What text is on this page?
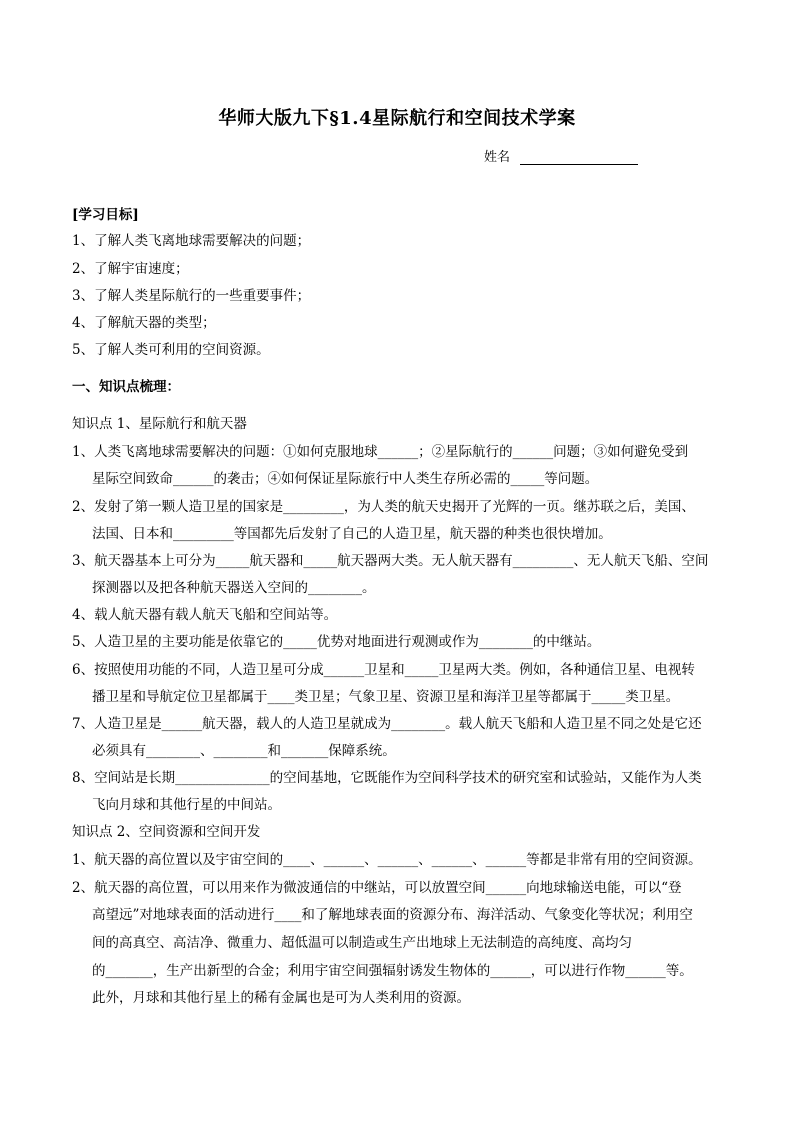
华师大版九下§1.4星际航行和空间技术学案
姓名
[学习目标]
1、了解人类飞离地球需要解决的问题；
2、了解宇宙速度；
3、了解人类星际航行的一些重要事件；
4、了解航天器的类型；
5、了解人类可利用的空间资源。
一、知识点梳理：
知识点 1、星际航行和航天器
1、人类飞离地球需要解决的问题：①如何克服地球______；②星际航行的______问题；③如何避免受到
星际空间致命______的袭击；④如何保证星际旅行中人类生存所必需的_____等问题。
2、发射了第一颗人造卫星的国家是_________，为人类的航天史揭开了光辉的一页。继苏联之后，美国、
法国、日本和_________等国都先后发射了自己的人造卫星，航天器的种类也很快增加。
3、航天器基本上可分为_____航天器和_____航天器两大类。无人航天器有_________、无人航天飞船、空间
探测器以及把各种航天器送入空间的________。
4、载人航天器有载人航天飞船和空间站等。
5、人造卫星的主要功能是依靠它的_____优势对地面进行观测或作为________的中继站。
6、按照使用功能的不同，人造卫星可分成______卫星和_____卫星两大类。例如，各种通信卫星、电视转
播卫星和导航定位卫星都属于____类卫星；气象卫星、资源卫星和海洋卫星等都属于_____类卫星。
7、人造卫星是______航天器，载人的人造卫星就成为________。载人航天飞船和人造卫星不同之处是它还
必须具有________、________和_______保障系统。
8、空间站是长期______________的空间基地，它既能作为空间科学技术的研究室和试验站，又能作为人类
飞向月球和其他行星的中间站。
知识点 2、空间资源和空间开发
1、航天器的高位置以及宇宙空间的____、______、______、______、______等都是非常有用的空间资源。
2、航天器的高位置，可以用来作为微波通信的中继站，可以放置空间______向地球输送电能，可以“登
高望远”对地球表面的活动进行____和了解地球表面的资源分布、海洋活动、气象变化等状况；利用空
间的高真空、高洁净、微重力、超低温可以制造或生产出地球上无法制造的高纯度、高均匀
的_______，生产出新型的合金；利用宇宙空间强辐射诱发生物体的______，可以进行作物______等。
此外，月球和其他行星上的稀有金属也是可为人类利用的资源。
